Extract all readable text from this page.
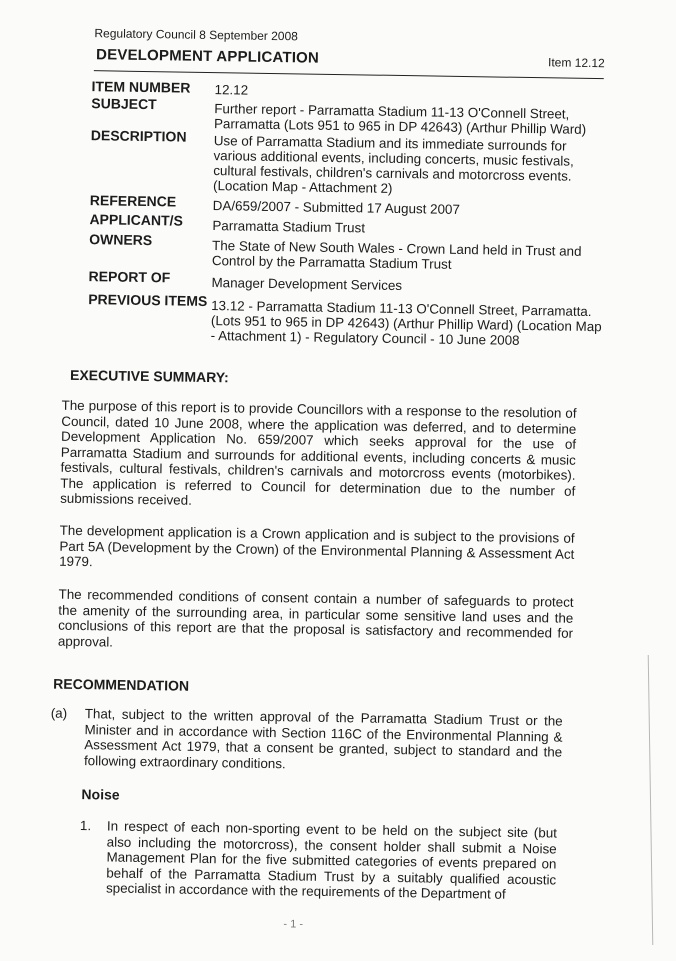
Regulatory Council 8 September 2008
Item 12.12
DEVELOPMENT APPLICATION
ITEM NUMBER 12.12
SUBJECT	Further report - Parramatta Stadium 11-13 O'Connell Street, Parramatta (Lots 951 to 965 in DP 42643) (Arthur Phillip Ward)
DESCRIPTION Use of Parramatta Stadium and its immediate surrounds for various additional events, including concerts, music festivals, cultural festivals, children's carnivals and motorcross events. (Location Map - Attachment 2)
REFERENCE	DA/659/2007 - Submitted 17 August 2007
APPLICANT/S Parramatta Stadium Trust
OWNERS	The State of New South Wales - Crown Land held in Trust and Control by the Parramatta Stadium Trust
REPORT OF	Manager Development Services
PREVIOUS ITEMS 13.12 - Parramatta Stadium 11-13 O'Connell Street, Parramatta. (Lots 951 to 965 in DP 42643) (Arthur Phillip Ward) (Location Map - Attachment 1) - Regulatory Council - 10 June 2008
EXECUTIVE SUMMARY:
The purpose of this report is to provide Councillors with a response to the resolution of Council, dated 10 June 2008, where the application was deferred, and to determine Development Application No. 659/2007 which seeks approval for the use of Parramatta Stadium and surrounds for additional events, including concerts & music festivals, cultural festivals, children's carnivals and motorcross events (motorbikes). The application is referred to Council for determination due to the number of submissions received.
The development application is a Crown application and is subject to the provisions of Part 5A (Development by the Crown) of the Environmental Planning & Assessment Act 1979.
The recommended conditions of consent contain a number of safeguards to protect the amenity of the surrounding area, in particular some sensitive land uses and the conclusions of this report are that the proposal is satisfactory and recommended for approval.
RECOMMENDATION
(a) That, subject to the written approval of the Parramatta Stadium Trust or the Minister and in accordance with Section 116C of the Environmental Planning & Assessment Act 1979, that a consent be granted, subject to standard and the following extraordinary conditions.
Noise
1. In respect of each non-sporting event to be held on the subject site (but also including the motorcross), the consent holder shall submit a Noise Management Plan for the five submitted categories of events prepared on behalf of the Parramatta Stadium Trust by a suitably qualified acoustic specialist in accordance with the requirements of the Department of
- 1 -
